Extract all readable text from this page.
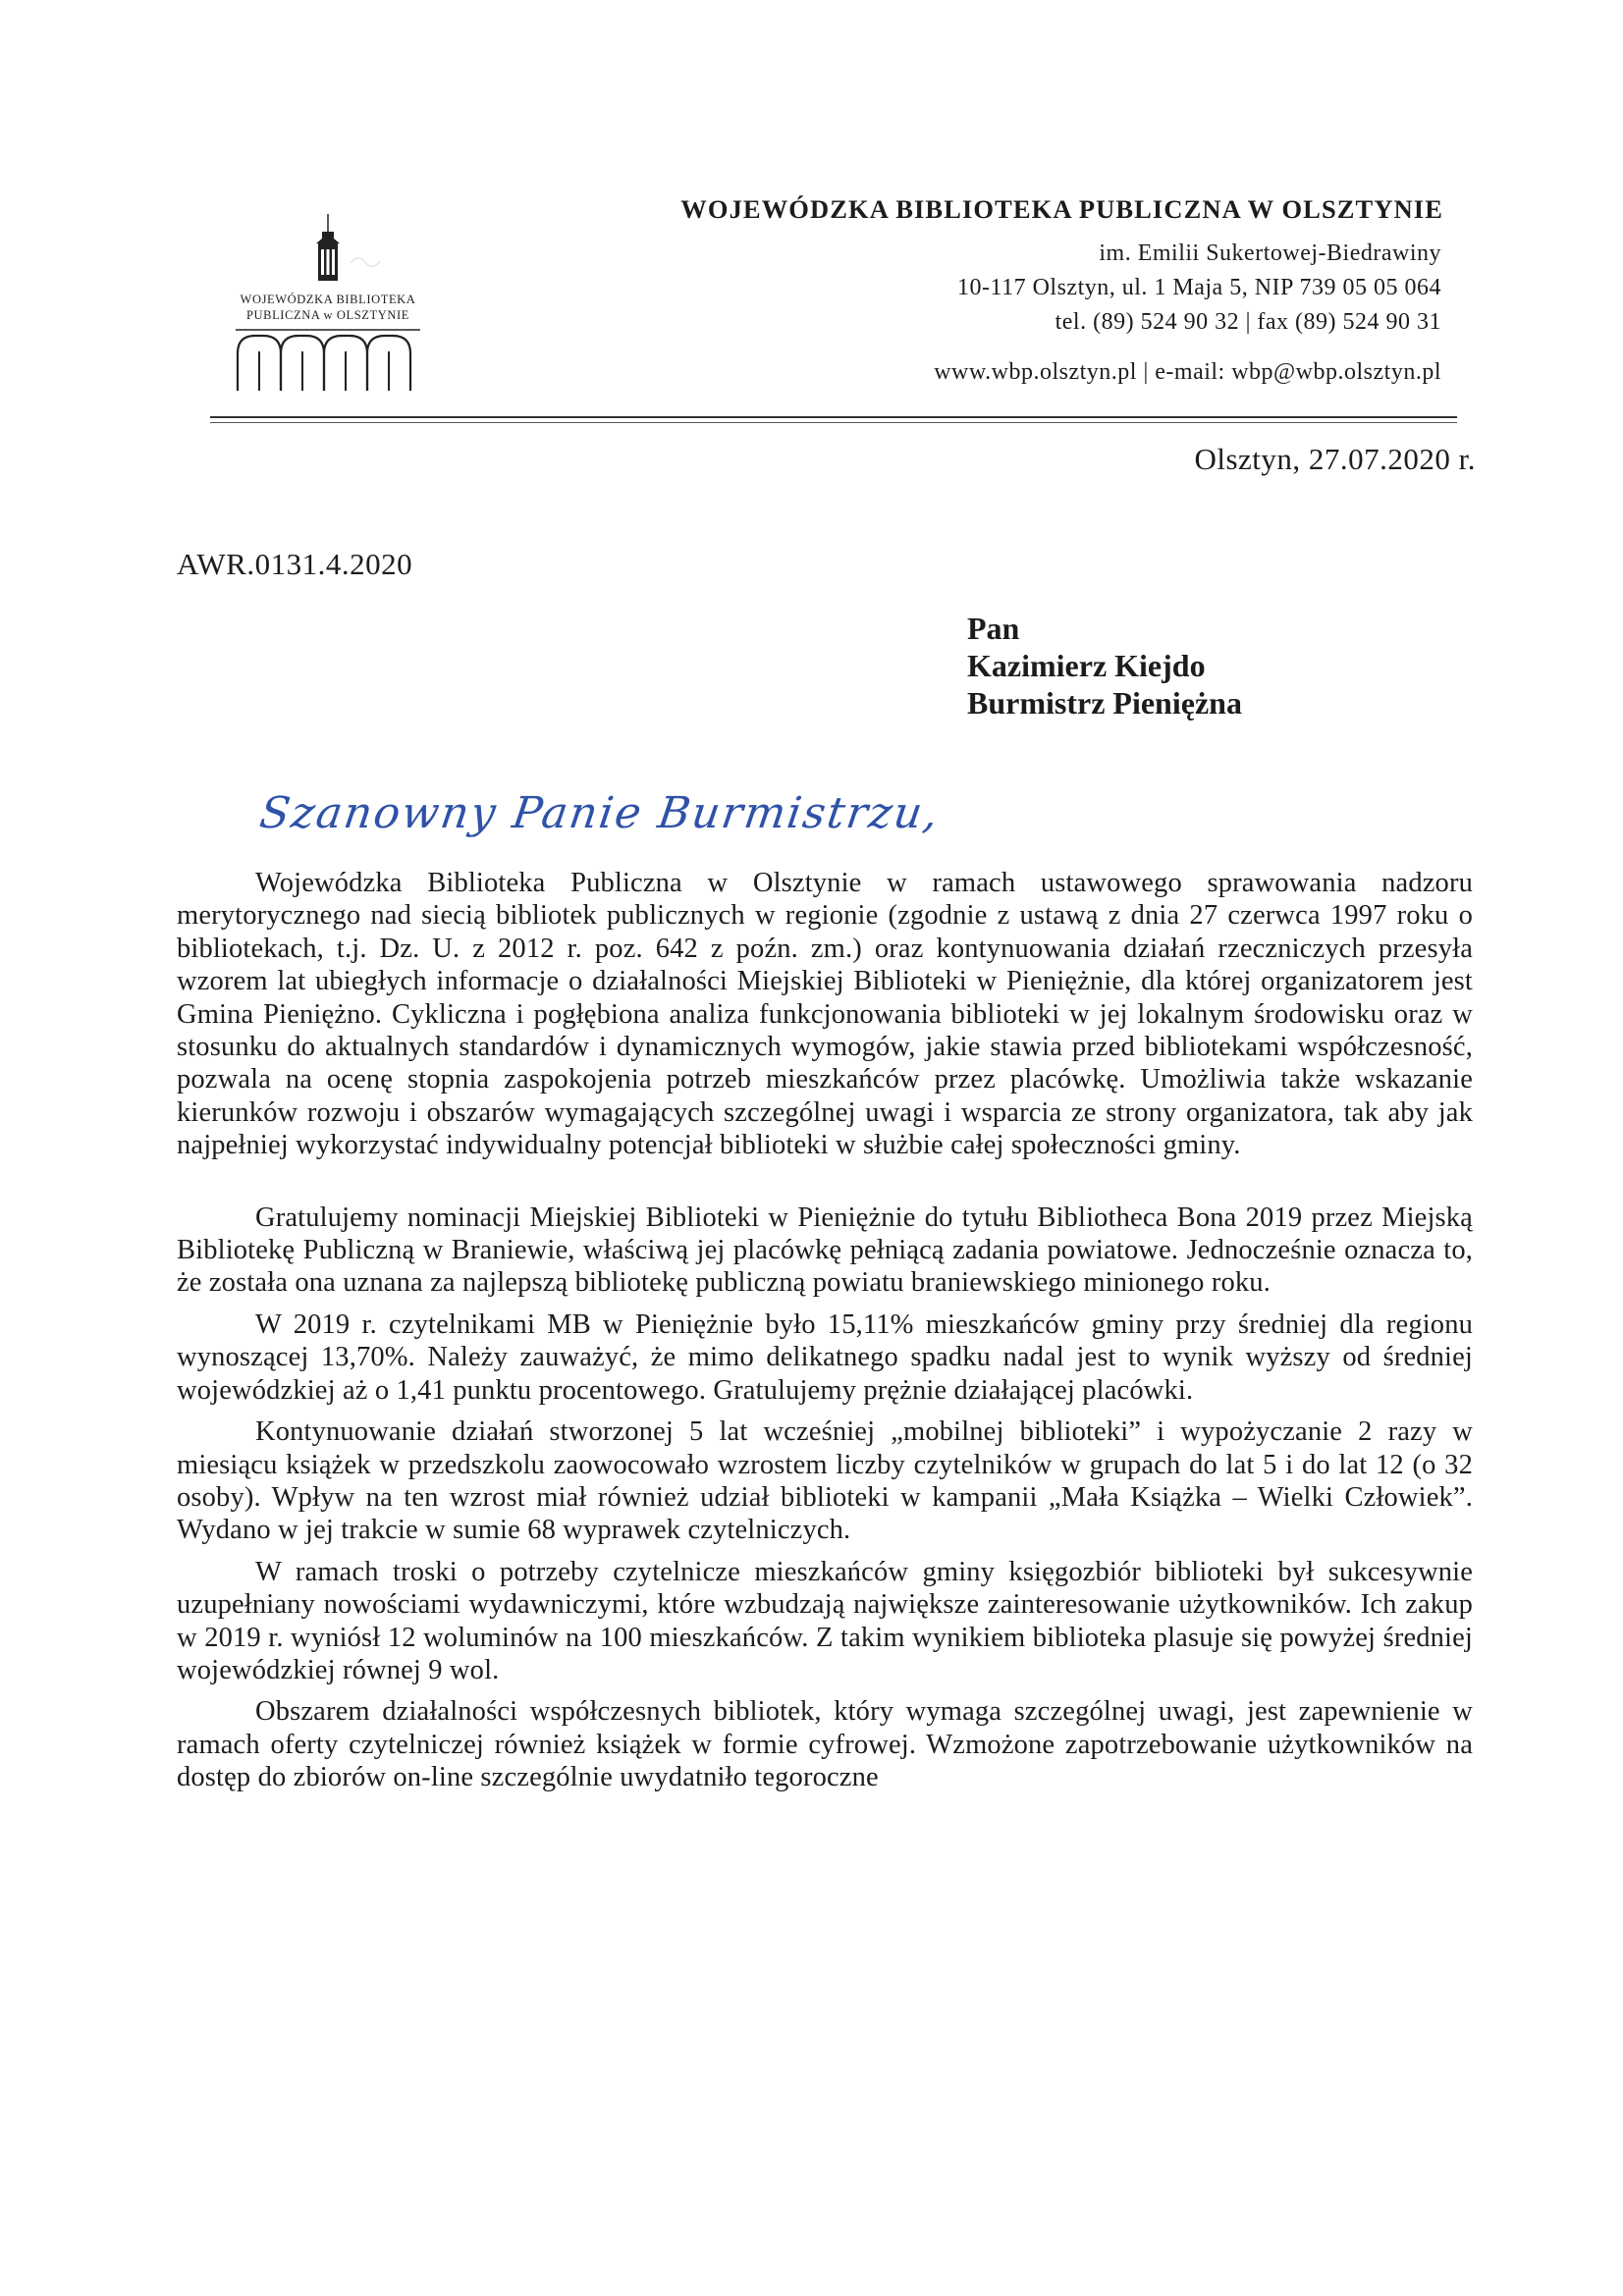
WOJEWÓDZKA BIBLIOTEKA
PUBLICZNA w OLSZTYNIE
WOJEWÓDZKA BIBLIOTEKA PUBLICZNA W OLSZTYNIE
im. Emilii Sukertowej-Biedrawiny
10-117 Olsztyn, ul. 1 Maja 5, NIP 739 05 05 064
tel. (89) 524 90 32 | fax (89) 524 90 31
www.wbp.olsztyn.pl | e-mail: wbp@wbp.olsztyn.pl
Olsztyn, 27.07.2020 r.
AWR.0131.4.2020
Pan
Kazimierz Kiejdo
Burmistrz Pieniężna
Szanowny Panie Burmistrzu,

Wojewódzka Biblioteka Publiczna w Olsztynie w ramach ustawowego sprawowania nadzoru merytorycznego nad siecią bibliotek publicznych w regionie (zgodnie z ustawą z dnia 27 czerwca 1997 roku o bibliotekach, t.j. Dz. U. z 2012 r. poz. 642 z poźn. zm.) oraz kontynuowania działań rzeczniczych przesyła wzorem lat ubiegłych informacje o działalności Miejskiej Biblioteki w Pieniężnie, dla której organizatorem jest Gmina Pieniężno. Cykliczna i pogłębiona analiza funkcjonowania biblioteki w jej lokalnym środowisku oraz w stosunku do aktualnych standardów i dynamicznych wymogów, jakie stawia przed bibliotekami współczesność, pozwala na ocenę stopnia zaspokojenia potrzeb mieszkańców przez placówkę. Umożliwia także wskazanie kierunków rozwoju i obszarów wymagających szczególnej uwagi i wsparcia ze strony organizatora, tak aby jak najpełniej wykorzystać indywidualny potencjał biblioteki w służbie całej społeczności gminy.

Gratulujemy nominacji Miejskiej Biblioteki w Pieniężnie do tytułu Bibliotheca Bona 2019 przez Miejską Bibliotekę Publiczną w Braniewie, właściwą jej placówkę pełniącą zadania powiatowe. Jednocześnie oznacza to, że została ona uznana za najlepszą bibliotekę publiczną powiatu braniewskiego minionego roku.

W 2019 r. czytelnikami MB w Pieniężnie było 15,11% mieszkańców gminy przy średniej dla regionu wynoszącej 13,70%. Należy zauważyć, że mimo delikatnego spadku nadal jest to wynik wyższy od średniej wojewódzkiej aż o 1,41 punktu procentowego. Gratulujemy prężnie działającej placówki.

Kontynuowanie działań stworzonej 5 lat wcześniej „mobilnej biblioteki” i wypożyczanie 2 razy w miesiącu książek w przedszkolu zaowocowało wzrostem liczby czytelników w grupach do lat 5 i do lat 12 (o 32 osoby). Wpływ na ten wzrost miał również udział biblioteki w kampanii „Mała Książka – Wielki Człowiek”. Wydano w jej trakcie w sumie 68 wyprawek czytelniczych.

W ramach troski o potrzeby czytelnicze mieszkańców gminy księgozbiór biblioteki był sukcesywnie uzupełniany nowościami wydawniczymi, które wzbudzają największe zainteresowanie użytkowników. Ich zakup w 2019 r. wyniósł 12 woluminów na 100 mieszkańców. Z takim wynikiem biblioteka plasuje się powyżej średniej wojewódzkiej równej 9 wol.

Obszarem działalności współczesnych bibliotek, który wymaga szczególnej uwagi, jest zapewnienie w ramach oferty czytelniczej również książek w formie cyfrowej. Wzmożone zapotrzebowanie użytkowników na dostęp do zbiorów on-line szczególnie uwydatniło tegoroczne
